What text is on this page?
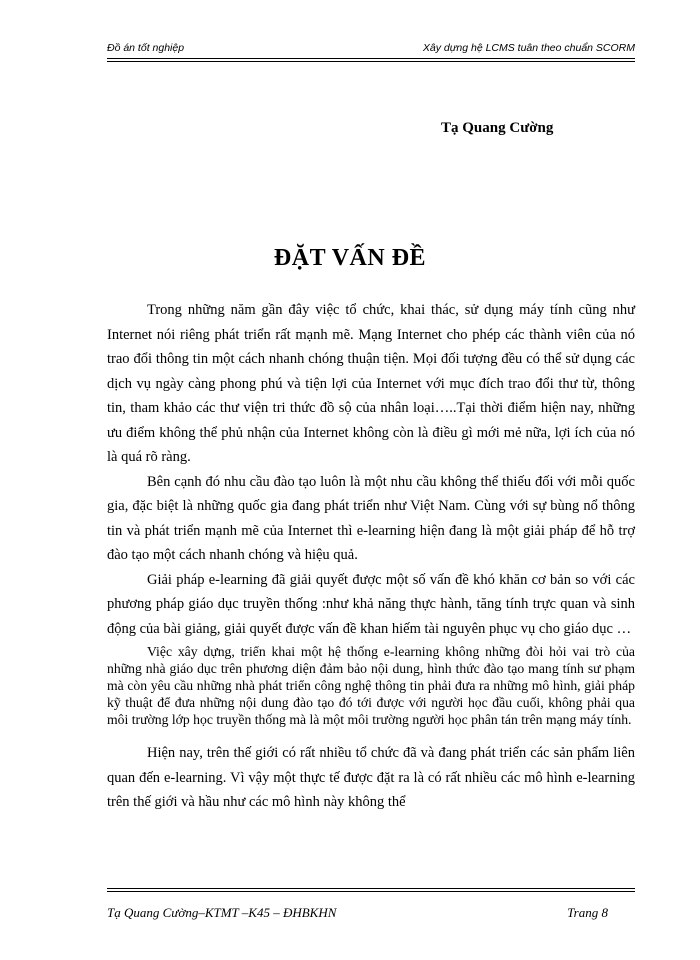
Đồ án tốt nghiệp	Xây dựng hệ LCMS tuân theo chuẩn SCORM
Tạ Quang Cường
ĐẶT VẤN ĐỀ

Trong những năm gần đây việc tổ chức, khai thác, sử dụng máy tính cũng như Internet nói riêng phát triển rất mạnh mẽ. Mạng Internet cho phép các thành viên của nó trao đổi thông tin một cách nhanh chóng thuận tiện. Mọi đối tượng đều có thể sử dụng các dịch vụ ngày càng phong phú và tiện lợi của Internet với mục đích trao đổi thư từ, thông tin, tham khảo các thư viện tri thức đồ sộ của nhân loại…..Tại thời điểm hiện nay, những ưu điểm không thể phủ nhận của Internet không còn là điều gì mới mẻ nữa, lợi ích của nó là quá rõ ràng.

Bên cạnh đó nhu cầu đào tạo luôn là một nhu cầu không thể thiếu đối với mỗi quốc gia, đặc biệt là những quốc gia đang phát triển như Việt Nam. Cùng với sự bùng nổ thông tin và phát triển mạnh mẽ của Internet thì e-learning hiện đang là một giải pháp để hỗ trợ đào tạo một cách nhanh chóng và hiệu quả.

Giải pháp e-learning đã giải quyết được một số vấn đề khó khăn cơ bản so với các phương pháp giáo dục truyền thống :như khả năng thực hành, tăng tính trực quan và sinh động của bài giảng, giải quyết được vấn đề khan hiếm tài nguyên phục vụ cho giáo dục …

Việc xây dựng, triển khai một hệ thống e-learning không những đòi hỏi vai trò của những nhà giáo dục trên phương diện đảm bảo nội dung, hình thức đào tạo mang tính sư phạm mà còn yêu cầu những nhà phát triển công nghệ thông tin phải đưa ra những mô hình, giải pháp kỹ thuật để đưa những nội dung đào tạo đó tới được với người học đầu cuối, không phải qua môi trường lớp học truyền thống mà là một môi trường người học phân tán trên mạng máy tính.

Hiện nay, trên thế giới có rất nhiều tổ chức đã và đang phát triển các sản phẩm liên quan đến e-learning. Vì vậy một thực tế được đặt ra là có rất nhiều các mô hình e-learning trên thế giới và hầu như các mô hình này không thể

Tạ Quang Cường–KTMT –K45 – ĐHBKHN	Trang 8
